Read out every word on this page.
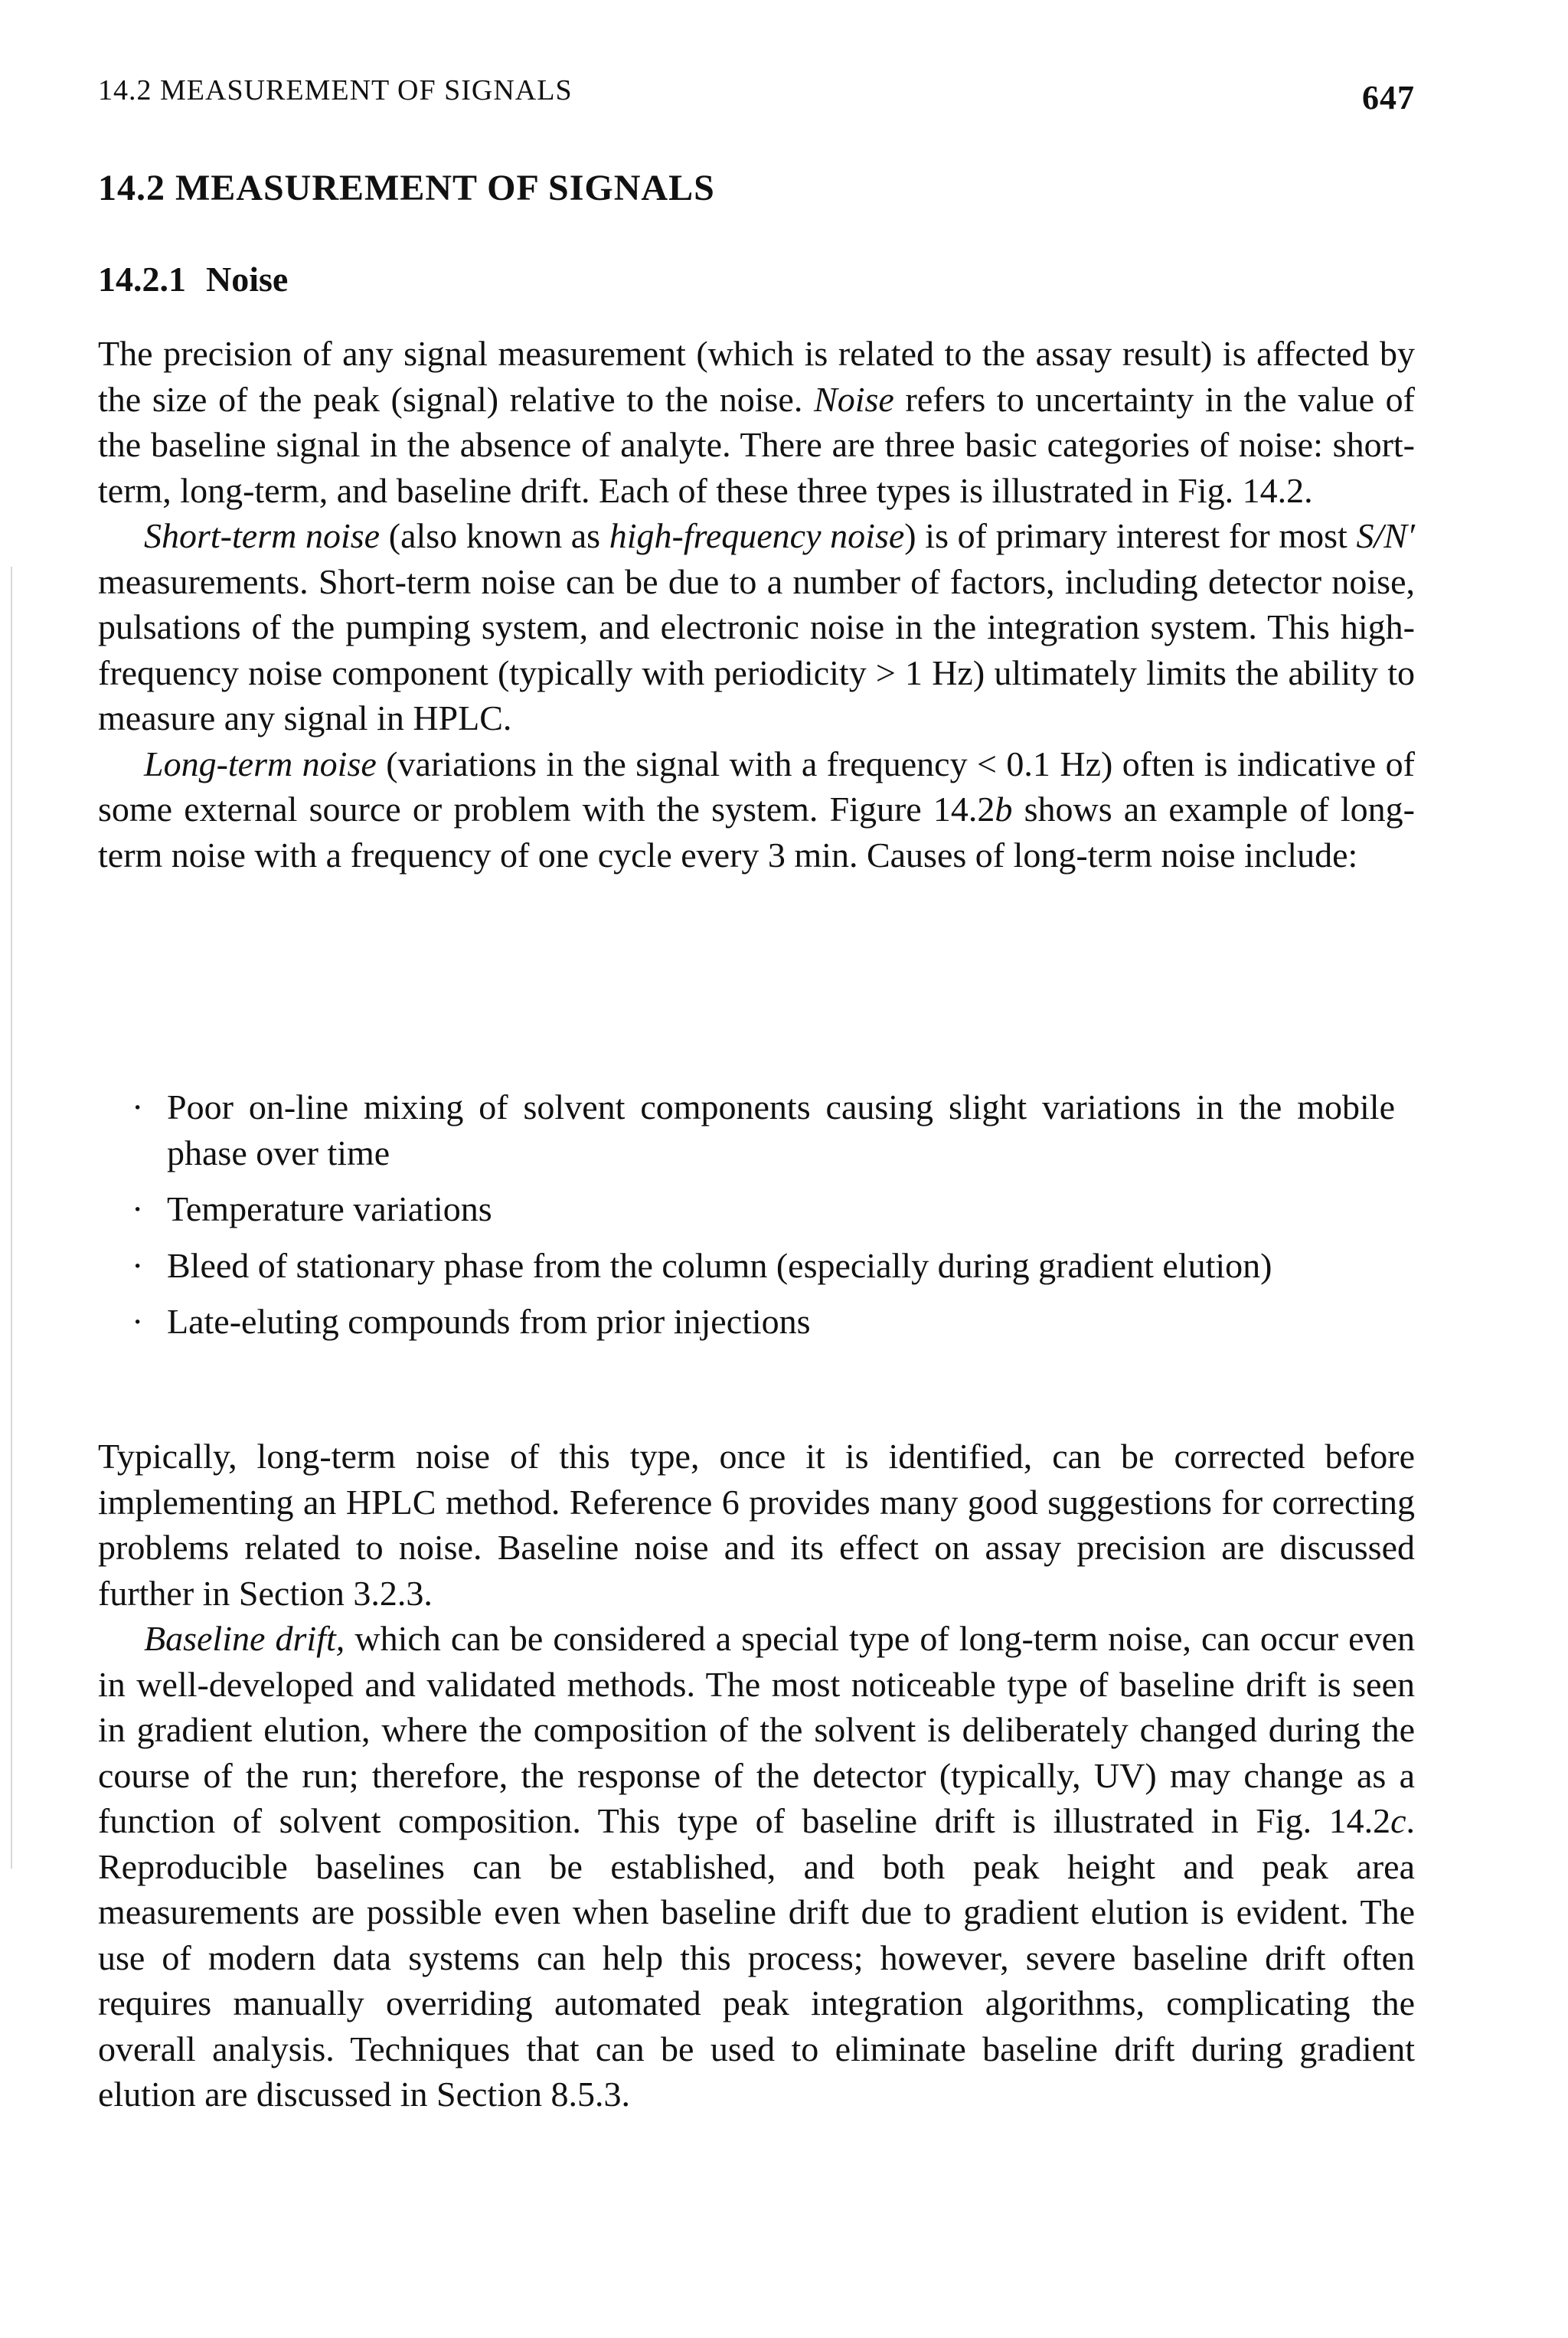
14.2 MEASUREMENT OF SIGNALS	647
14.2 MEASUREMENT OF SIGNALS
14.2.1 Noise

The precision of any signal measurement (which is related to the assay result) is affected by the size of the peak (signal) relative to the noise. Noise refers to uncertainty in the value of the baseline signal in the absence of analyte. There are three basic categories of noise: short-term, long-term, and baseline drift. Each of these three types is illustrated in Fig. 14.2.

Short-term noise (also known as high-frequency noise) is of primary interest for most S/N′ measurements. Short-term noise can be due to a number of factors, including detector noise, pulsations of the pumping system, and electronic noise in the integration system. This high-frequency noise component (typically with periodicity > 1 Hz) ultimately limits the ability to measure any signal in HPLC.

Long-term noise (variations in the signal with a frequency < 0.1 Hz) often is indicative of some external source or problem with the system. Figure 14.2b shows an example of long-term noise with a frequency of one cycle every 3 min. Causes of long-term noise include:

· Poor on-line mixing of solvent components causing slight variations in the mobile phase over time
· Temperature variations
· Bleed of stationary phase from the column (especially during gradient elution)
· Late-eluting compounds from prior injections

Typically, long-term noise of this type, once it is identified, can be corrected before implementing an HPLC method. Reference 6 provides many good suggestions for correcting problems related to noise. Baseline noise and its effect on assay precision are discussed further in Section 3.2.3.

Baseline drift, which can be considered a special type of long-term noise, can occur even in well-developed and validated methods. The most noticeable type of baseline drift is seen in gradient elution, where the composition of the solvent is deliberately changed during the course of the run; therefore, the response of the detector (typically, UV) may change as a function of solvent composition. This type of baseline drift is illustrated in Fig. 14.2c. Reproducible baselines can be established, and both peak height and peak area measurements are possible even when baseline drift due to gradient elution is evident. The use of modern data systems can help this process; however, severe baseline drift often requires manually overriding automated peak integration algorithms, complicating the overall analysis. Techniques that can be used to eliminate baseline drift during gradient elution are discussed in Section 8.5.3.
